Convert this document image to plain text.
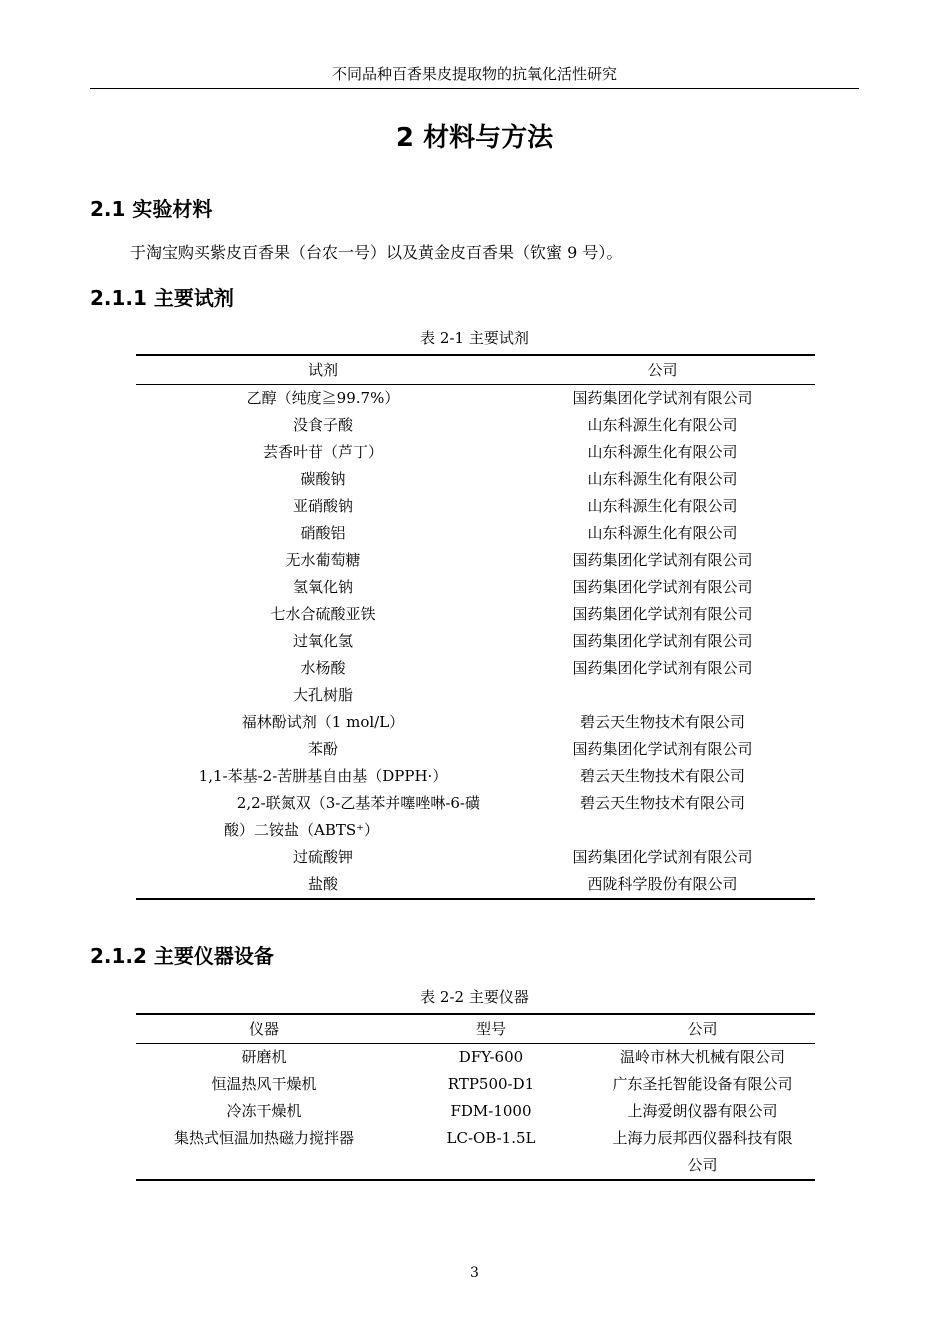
不同品种百香果皮提取物的抗氧化活性研究
2 材料与方法
2.1 实验材料
于淘宝购买紫皮百香果（台农一号）以及黄金皮百香果（钦蜜 9 号）。
2.1.1 主要试剂
表 2-1 主要试剂
试剂	公司
乙醇（纯度≧99.7%）	国药集团化学试剂有限公司
没食子酸	山东科源生化有限公司
芸香叶苷（芦丁）	山东科源生化有限公司
碳酸钠	山东科源生化有限公司
亚硝酸钠	山东科源生化有限公司
硝酸铝	山东科源生化有限公司
无水葡萄糖	国药集团化学试剂有限公司
氢氧化钠	国药集团化学试剂有限公司
七水合硫酸亚铁	国药集团化学试剂有限公司
过氧化氢	国药集团化学试剂有限公司
水杨酸	国药集团化学试剂有限公司
大孔树脂	
福林酚试剂（1 mol/L）	碧云天生物技术有限公司
苯酚	国药集团化学试剂有限公司
1,1-苯基-2-苦肼基自由基（DPPH·）	碧云天生物技术有限公司
2,2-联氮双（3-乙基苯并噻唑啉-6-磺	碧云天生物技术有限公司
酸）二铵盐（ABTS⁺）	
过硫酸钾	国药集团化学试剂有限公司
盐酸	西陇科学股份有限公司
2.1.2 主要仪器设备
表 2-2 主要仪器
仪器	型号	公司
研磨机	DFY-600	温岭市林大机械有限公司
恒温热风干燥机	RTP500-D1	广东圣托智能设备有限公司
冷冻干燥机	FDM-1000	上海爱朗仪器有限公司
集热式恒温加热磁力搅拌器	LC-OB-1.5L	上海力辰邦西仪器科技有限
		公司
3
